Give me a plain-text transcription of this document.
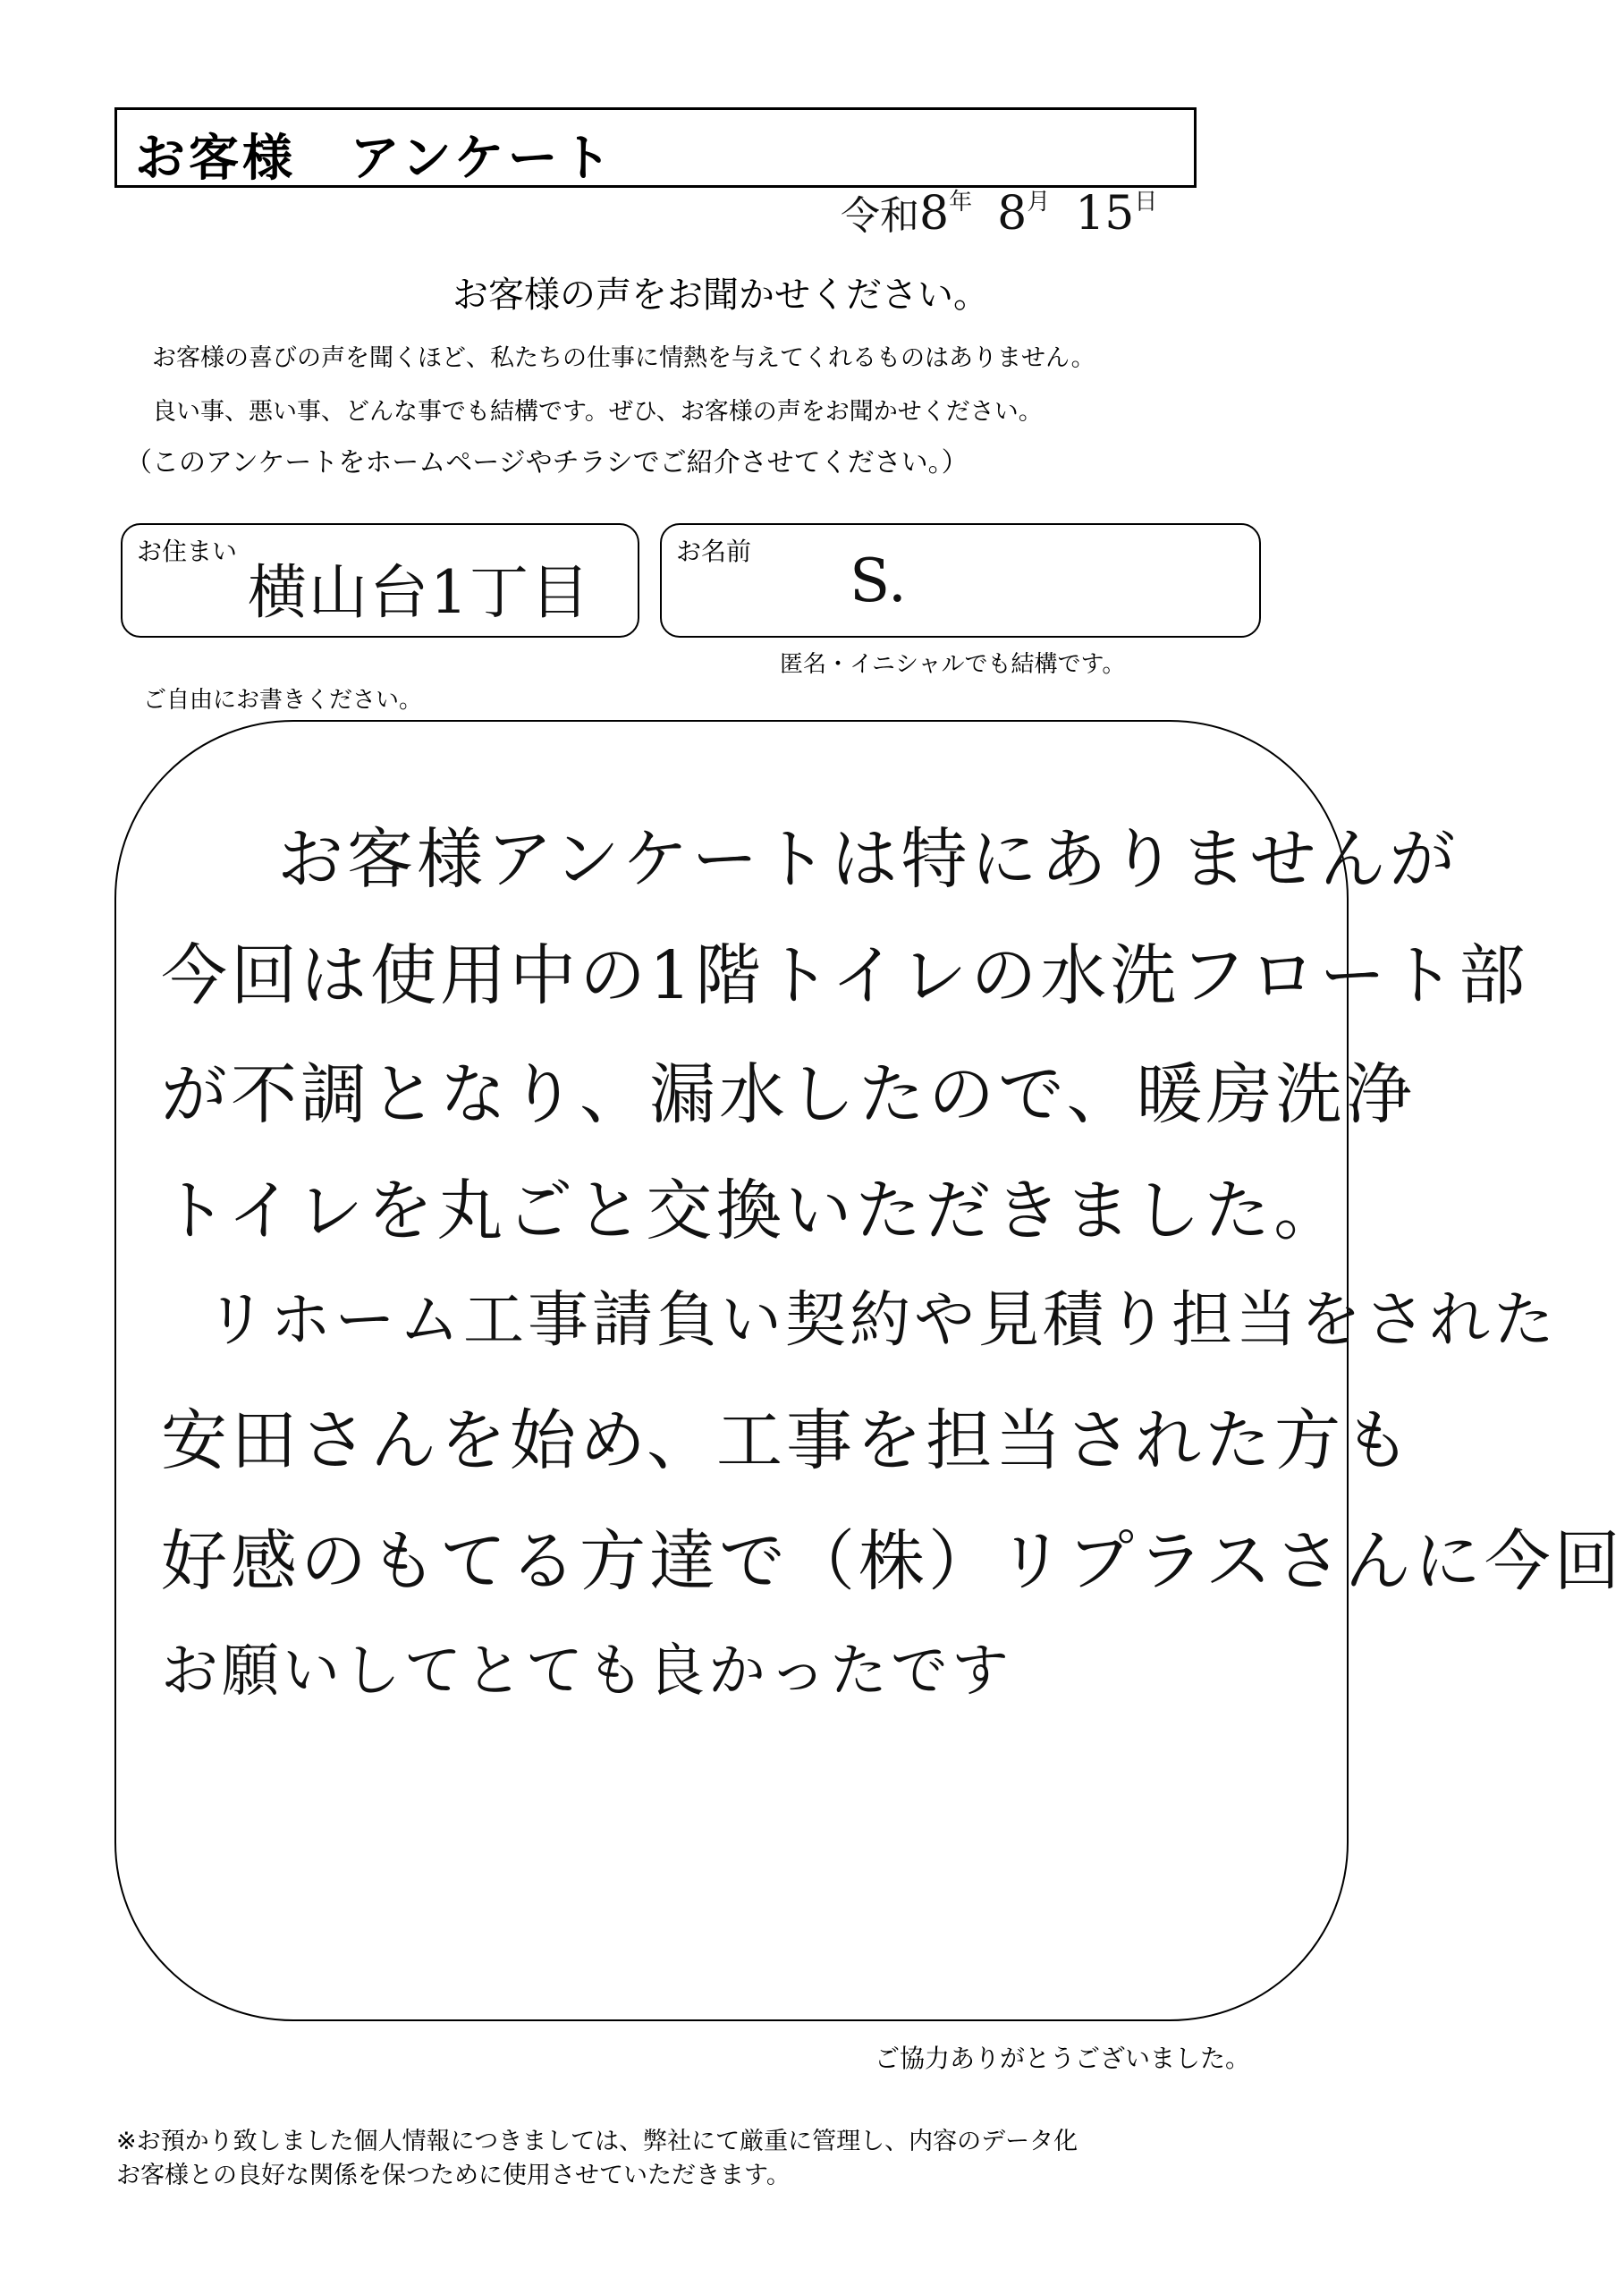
お客様　アンケート
令和$8^年$ $8^月$ $15^日$
お客様の声をお聞かせください。
お客様の喜びの声を聞くほど、私たちの仕事に情熱を与えてくれるものはありません。
良い事、悪い事、どんな事でも結構です。ぜひ、お客様の声をお聞かせください。
（このアンケートをホームページやチラシでご紹介させてください。）
お住まい
横山台1丁目
お名前 S.
匿名・イニシャルでも結構です。
ご自由にお書きください。
お客様アンケートは特にありませんが
今回は使用中の1階トイレの水洗フロート部
が不調となり、漏水したので、暖房洗浄
トイレを丸ごと交換いただきました。
リホーム工事請負い契約や見積り担当をされた
安田さんを始め、工事を担当された方も
好感のもてる方達で（株）リプラスさんに今回
お願いしてとても良かったです
ご協力ありがとうございました。
※お預かり致しました個人情報につきましては、弊社にて厳重に管理し、内容のデータ化
お客様との良好な関係を保つために使用させていただきます。
